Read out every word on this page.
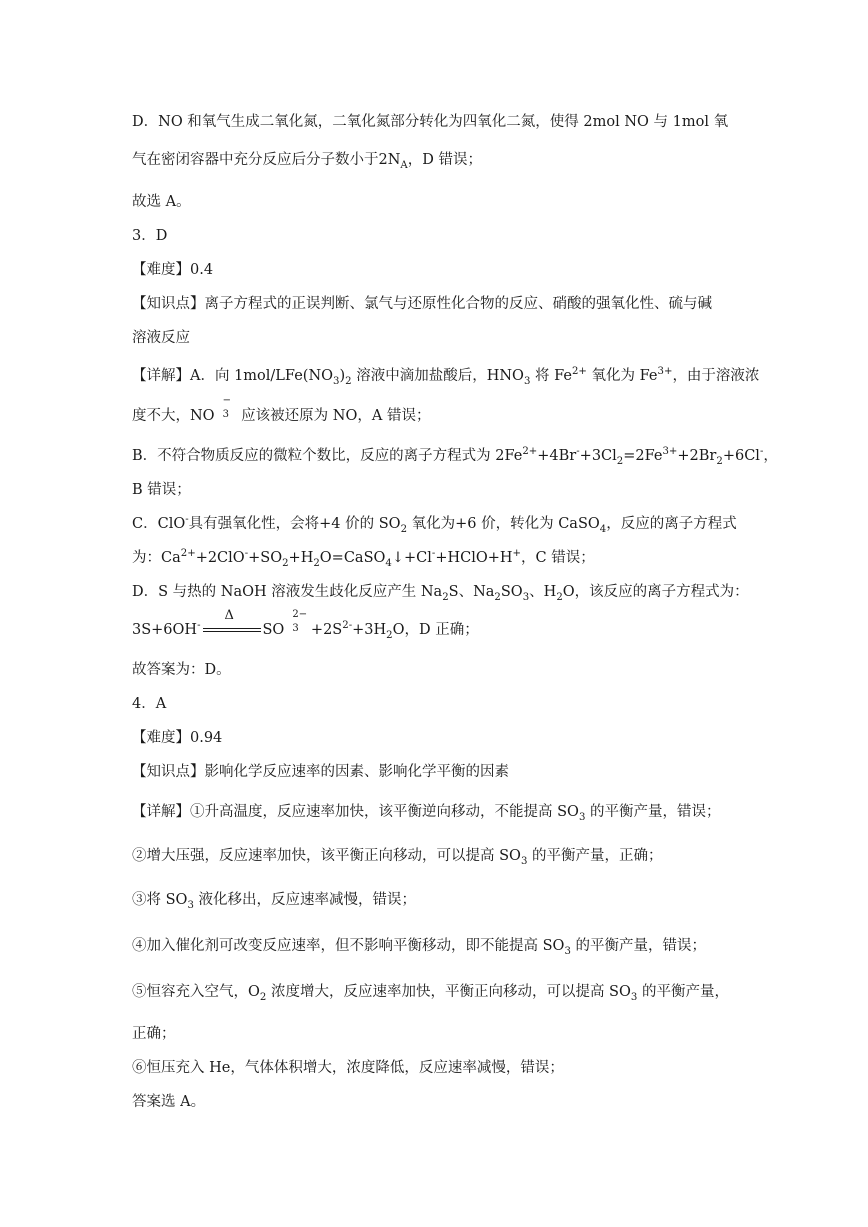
D．NO 和氧气生成二氧化氮，二氧化氮部分转化为四氧化二氮，使得 2mol NO 与 1mol 氧
气在密闭容器中充分反应后分子数小于$2N_A$，D 错误；
故选 A。
3．D
【难度】0.4
【知识点】离子方程式的正误判断、氯气与还原性化合物的反应、硝酸的强氧化性、硫与碱
溶液反应
【详解】A．向 $1mol/LFe(NO_3)_2$ 溶液中滴加盐酸后，$HNO_3$ 将 $Fe^{2+}$ 氧化为 $Fe^{3+}$，由于溶液浓
度不大，NO 3
−
应该被还原为 NO，A 错误；
B．不符合物质反应的微粒个数比，反应的离子方程式为 $2Fe^{2+}+4Br^-+3Cl_2=2Fe^{3+}+2Br_2+6Cl^-$，
B 错误；
C．ClO-具有强氧化性，会将+4 价的 $SO_2$ 氧化为+6 价，转化为 CaSO$_4$，反应的离子方程式
为：$Ca^{2+}+2ClO^-+SO_2+H_2O=CaSO_4↓+Cl^-+HClO+H^+$，C 错误；
D．S 与热的 NaOH 溶液发生歧化反应产生 $Na_2S$、$Na_2SO_3$、$H_2O$，该反应的离子方程式为：
3S+6OH-
Δ
SO 3
2−
$+2S^{2-}+3H_2O$，D 正确；
故答案为：D。
4．A
【难度】0.94
【知识点】影响化学反应速率的因素、影响化学平衡的因素
【详解】①升高温度，反应速率加快，该平衡逆向移动，不能提高 $SO_3$ 的平衡产量，错误；
②增大压强，反应速率加快，该平衡正向移动，可以提高 $SO_3$ 的平衡产量，正确；
③将 $SO_3$ 液化移出，反应速率减慢，错误；
④加入催化剂可改变反应速率，但不影响平衡移动，即不能提高 $SO_3$ 的平衡产量，错误；
⑤恒容充入空气，$O_2$ 浓度增大，反应速率加快，平衡正向移动，可以提高 $SO_3$ 的平衡产量，
正确；
⑥恒压充入 He，气体体积增大，浓度降低，反应速率减慢，错误；
答案选 A。
